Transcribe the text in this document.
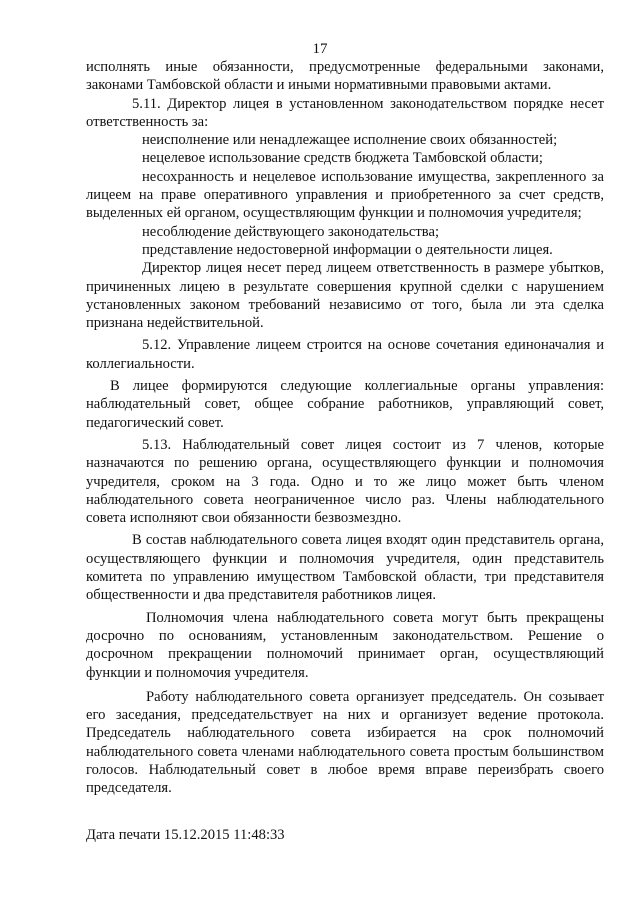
17

исполнять иные обязанности, предусмотренные федеральными законами, законами Тамбовской области и иными нормативными правовыми актами.

5.11. Директор лицея в установленном законодательством порядке несет ответственность за:

неисполнение или ненадлежащее исполнение своих обязанностей;

нецелевое использование средств бюджета Тамбовской области;

несохранность и нецелевое использование имущества, закрепленного за лицеем на праве оперативного управления и приобретенного за счет средств, выделенных ей органом, осуществляющим функции и полномочия учредителя;

несоблюдение действующего законодательства;

представление недостоверной информации о деятельности лицея.

Директор лицея несет перед лицеем ответственность в размере убытков, причиненных лицею в результате совершения крупной сделки с нарушением установленных законом требований независимо от того, была ли эта сделка признана недействительной.

5.12. Управление лицеем строится на основе сочетания единоначалия и коллегиальности.

В лицее формируются следующие коллегиальные органы управления: наблюдательный совет, общее собрание работников, управляющий совет, педагогический совет.

5.13. Наблюдательный совет лицея состоит из 7 членов, которые назначаются по решению органа, осуществляющего функции и полномочия учредителя, сроком на 3 года. Одно и то же лицо может быть членом наблюдательного совета неограниченное число раз. Члены наблюдательного совета исполняют свои обязанности безвозмездно.

В состав наблюдательного совета лицея входят один представитель органа, осуществляющего функции и полномочия учредителя, один представитель комитета по управлению имуществом Тамбовской области, три представителя общественности и два представителя работников лицея.

Полномочия члена наблюдательного совета могут быть прекращены досрочно по основаниям, установленным законодательством. Решение о досрочном прекращении полномочий принимает орган, осуществляющий функции и полномочия учредителя.

Работу наблюдательного совета организует председатель. Он созывает его заседания, председательствует на них и организует ведение протокола. Председатель наблюдательного совета избирается на срок полномочий наблюдательного совета членами наблюдательного совета простым большинством голосов. Наблюдательный совет в любое время вправе переизбрать своего председателя.

Дата печати 15.12.2015 11:48:33
